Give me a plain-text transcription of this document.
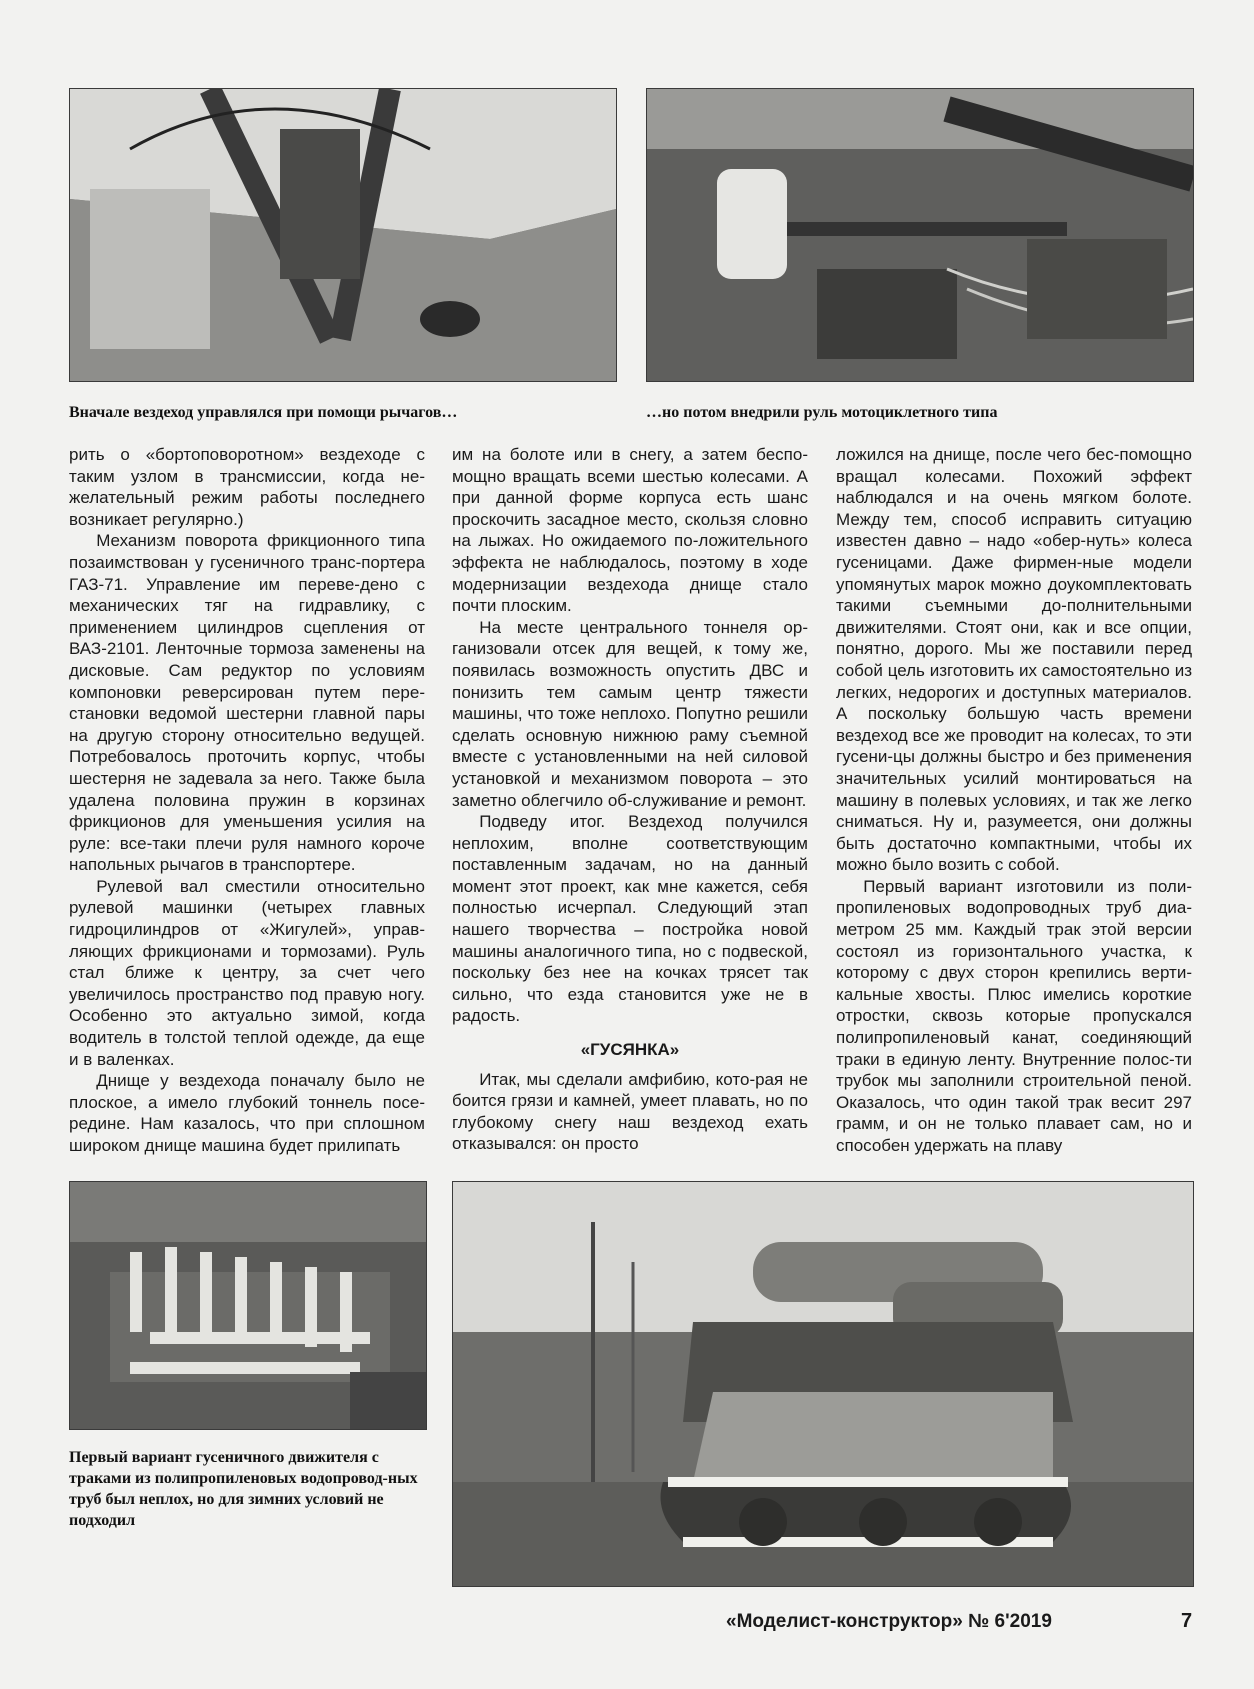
Вначале вездеход управлялся при помощи рычагов…	…но потом внедрили руль мотоциклетного типа

рить о «бортоповоротном» вездеходе с таким узлом в трансмиссии, когда не-желательный режим работы последнего возникает регулярно.)

Механизм поворота фрикционного типа позаимствован у гусеничного транс-портера ГАЗ-71. Управление им переве-дено с механических тяг на гидравлику, с применением цилиндров сцепления от ВАЗ-2101. Ленточные тормоза заменены на дисковые. Сам редуктор по условиям компоновки реверсирован путем пере-становки ведомой шестерни главной пары на другую сторону относительно ведущей. Потребовалось проточить корпус, чтобы шестерня не задевала за него. Также была удалена половина пружин в корзинах фрикционов для уменьшения усилия на руле: все-таки плечи руля намного короче напольных рычагов в транспортере.

Рулевой вал сместили относительно рулевой машинки (четырех главных гидроцилиндров от «Жигулей», управ-ляющих фрикционами и тормозами). Руль стал ближе к центру, за счет чего увеличилось пространство под правую ногу. Особенно это актуально зимой, когда водитель в толстой теплой одежде, да еще и в валенках.

Днище у вездехода поначалу было не плоское, а имело глубокий тоннель посе-редине. Нам казалось, что при сплошном широком днище машина будет прилипать

им на болоте или в снегу, а затем беспо-мощно вращать всеми шестью колесами. А при данной форме корпуса есть шанс проскочить засадное место, скользя словно на лыжах. Но ожидаемого по-ложительного эффекта не наблюдалось, поэтому в ходе модернизации вездехода днище стало почти плоским.

На месте центрального тоннеля ор-ганизовали отсек для вещей, к тому же, появилась возможность опустить ДВС и понизить тем самым центр тяжести машины, что тоже неплохо. Попутно решили сделать основную нижнюю раму съемной вместе с установленными на ней силовой установкой и механизмом поворота – это заметно облегчило об-служивание и ремонт.

Подведу итог. Вездеход получился неплохим, вполне соответствующим поставленным задачам, но на данный момент этот проект, как мне кажется, себя полностью исчерпал. Следующий этап нашего творчества – постройка новой машины аналогичного типа, но с подвеской, поскольку без нее на кочках трясет так сильно, что езда становится уже не в радость.

«ГУСЯНКА»

Итак, мы сделали амфибию, кото-рая не боится грязи и камней, умеет плавать, но по глубокому снегу наш вездеход ехать отказывался: он просто

ложился на днище, после чего бес-помощно вращал колесами. Похожий эффект наблюдался и на очень мягком болоте. Между тем, способ исправить ситуацию известен давно – надо «обер-нуть» колеса гусеницами. Даже фирмен-ные модели упомянутых марок можно доукомплектовать такими съемными до-полнительными движителями. Стоят они, как и все опции, понятно, дорого. Мы же поставили перед собой цель изготовить их самостоятельно из легких, недорогих и доступных материалов. А поскольку большую часть времени вездеход все же проводит на колесах, то эти гусени-цы должны быстро и без применения значительных усилий монтироваться на машину в полевых условиях, и так же легко сниматься. Ну и, разумеется, они должны быть достаточно компактными, чтобы их можно было возить с собой.

Первый вариант изготовили из поли-пропиленовых водопроводных труб диа-метром 25 мм. Каждый трак этой версии состоял из горизонтального участка, к которому с двух сторон крепились верти-кальные хвосты. Плюс имелись короткие отростки, сквозь которые пропускался полипропиленовый канат, соединяющий траки в единую ленту. Внутренние полос-ти трубок мы заполнили строительной пеной. Оказалось, что один такой трак весит 297 грамм, и он не только плавает сам, но и способен удержать на плаву

Первый вариант гусеничного движителя с траками из полипропиленовых водопровод-ных труб был неплох, но для зимних условий не подходил
«Моделист-конструктор» № 6'2019	7
